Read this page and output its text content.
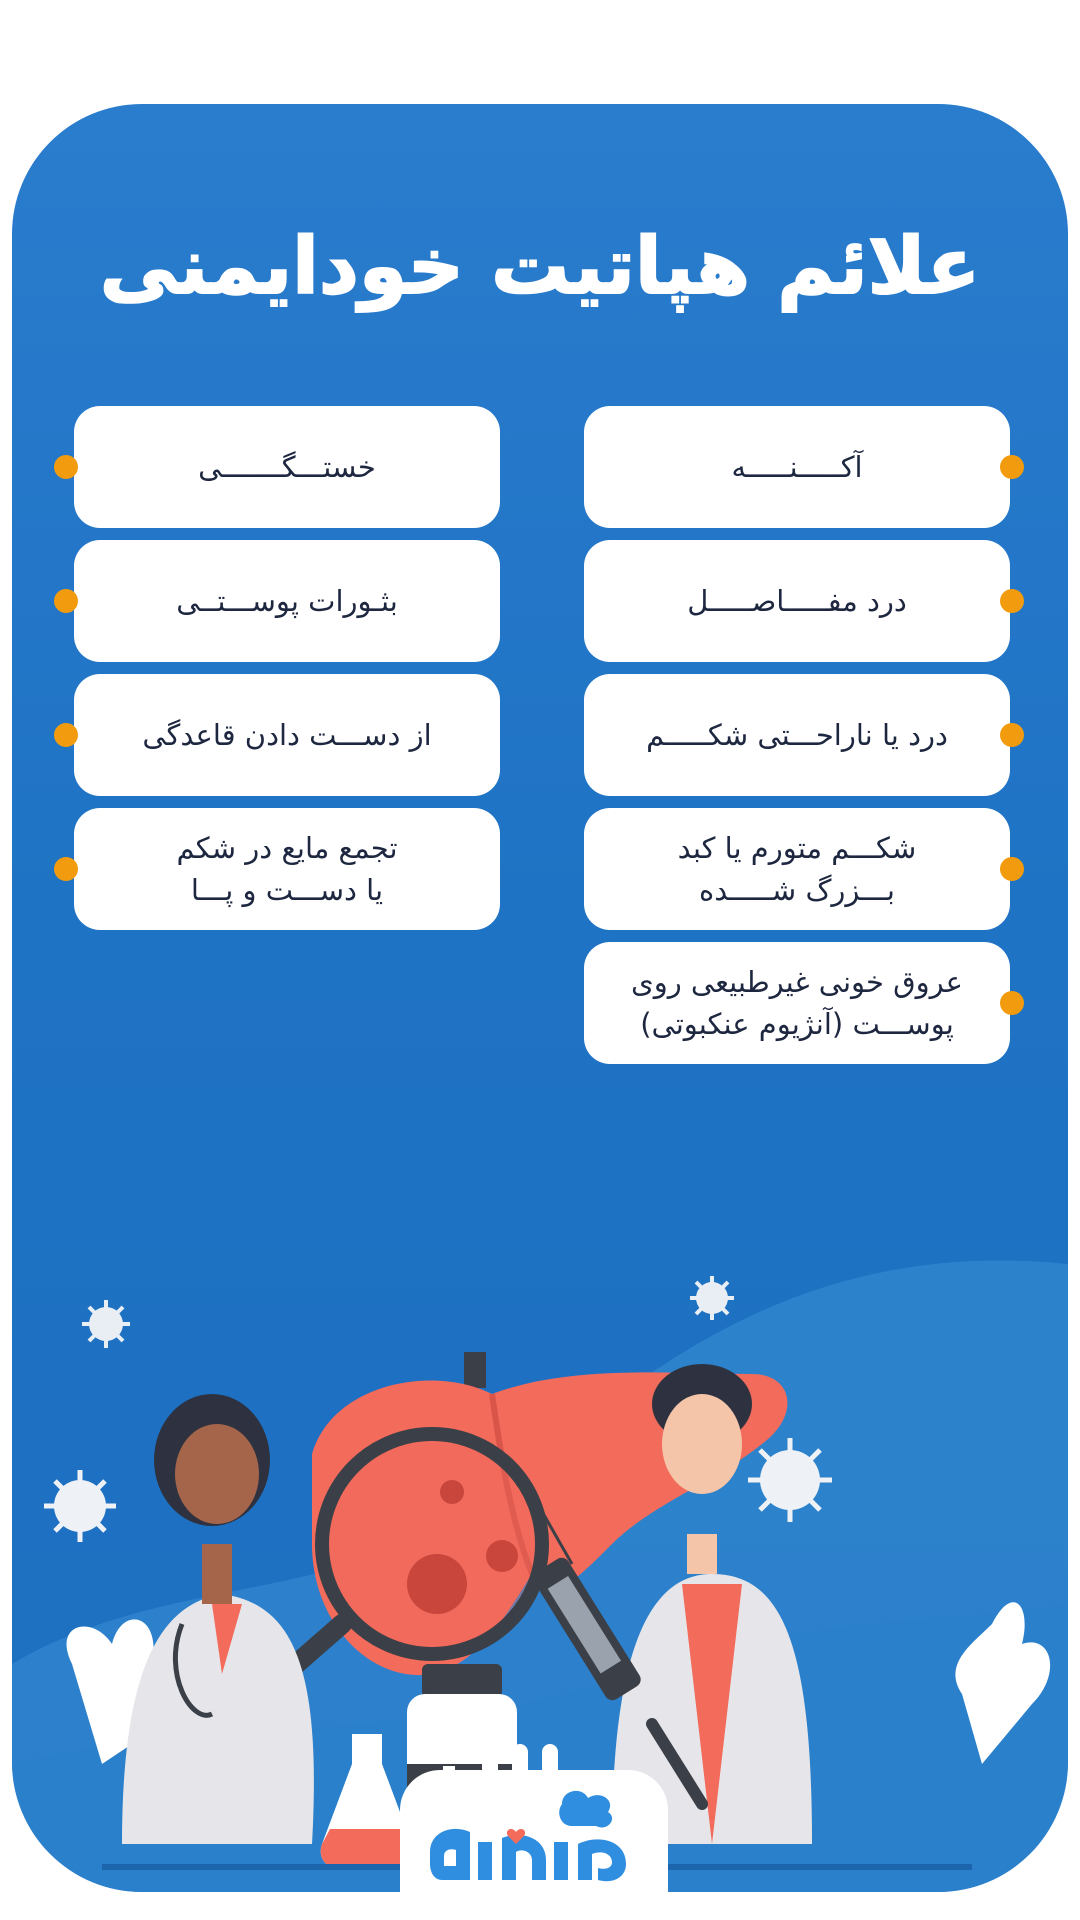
علائم هپاتیت خودایمنی
آکـــــنـــــه
درد مفـــــاصـــــل
درد یا ناراحـــتی شکـــــم
شکـــم متورم یا کبد
بـــزرگ شـــــده
عروق خونی غیرطبیعی روی
پوســـت (آنژیوم عنکبوتی)
خستـــگـــــــی
بثـورات پوســـتــی
از دســـت دادن قاعدگی
تجمع مایع در شکم
یا دســـت و پـــا
